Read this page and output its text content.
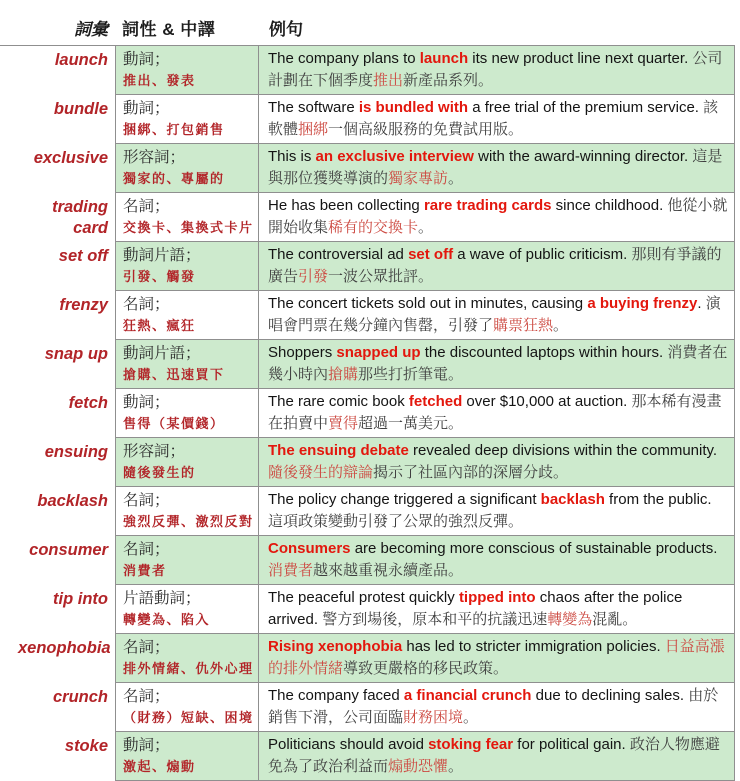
詞彙 詞性 & 中譯	例句
launch 動詞；
推出、發表
The company plans to launch its new product line next quarter. 公司計劃在下個季度推出新產品系列。
bundle 動詞；
捆綁、打包銷售
The software is bundled with a free trial of the premium service. 該軟體捆綁一個高級服務的免費試用版。
exclusive 形容詞；
獨家的、專屬的
This is an exclusive interview with the award-winning director. 這是與那位獲獎導演的獨家專訪。
trading card
名詞；
交換卡、集換式卡片
He has been collecting rare trading cards since childhood. 他從小就開始收集稀有的交換卡。
set off 動詞片語；
引發、觸發
The controversial ad set off a wave of public criticism. 那則有爭議的廣告引發一波公眾批評。
frenzy 名詞；
狂熱、瘋狂
The concert tickets sold out in minutes, causing a buying frenzy. 演唱會門票在幾分鐘內售罄，引發了購票狂熱。
snap up 動詞片語；
搶購、迅速買下
Shoppers snapped up the discounted laptops within hours. 消費者在幾小時內搶購那些打折筆電。
fetch 動詞；
售得（某價錢）
The rare comic book fetched over $10,000 at auction. 那本稀有漫畫在拍賣中賣得超過一萬美元。
ensuing 形容詞；
隨後發生的
The ensuing debate revealed deep divisions within the community. 隨後發生的辯論揭示了社區內部的深層分歧。
backlash 名詞；
強烈反彈、激烈反對
The policy change triggered a significant backlash from the public. 這項政策變動引發了公眾的強烈反彈。
consumer 名詞；
消費者
Consumers are becoming more conscious of sustainable products.消費者越來越重視永續產品。
tip into 片語動詞；
轉變為、陷入
The peaceful protest quickly tipped into chaos after the police arrived. 警方到場後，原本和平的抗議迅速轉變為混亂。
xenophobia 名詞；
排外情緒、仇外心理
Rising xenophobia has led to stricter immigration policies. 日益高漲的排外情緒導致更嚴格的移民政策。
crunch 名詞；
（財務）短缺、困境
The company faced a financial crunch due to declining sales. 由於銷售下滑，公司面臨財務困境。
stoke 動詞；
激起、煽動
Politicians should avoid stoking fear for political gain. 政治人物應避免為了政治利益而煽動恐懼。
